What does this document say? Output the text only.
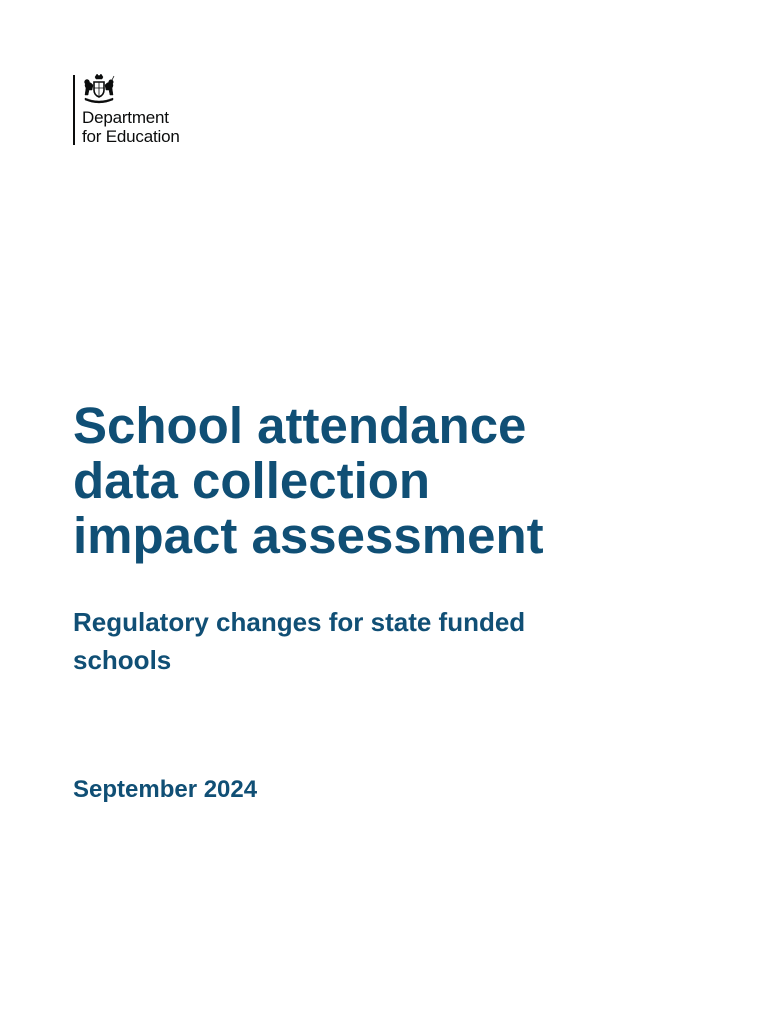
Department
for Education
School attendance
data collection
impact assessment
Regulatory changes for state funded
schools

September 2024
